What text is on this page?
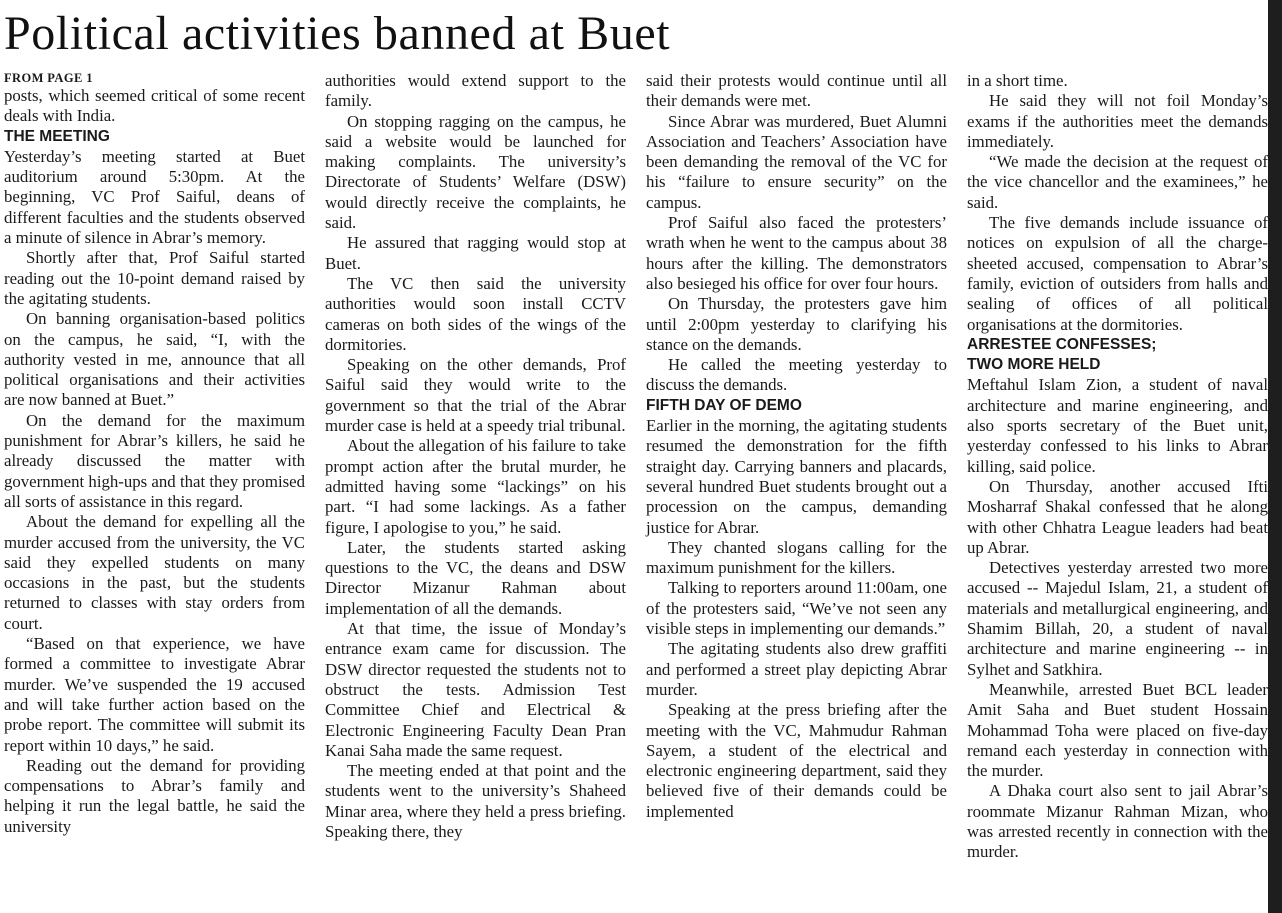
Political activities banned at Buet

FROM PAGE 1

posts, which seemed critical of some recent deals with India.

THE MEETING

Yesterday’s meeting started at Buet auditorium around 5:30pm. At the beginning, VC Prof Saiful, deans of different faculties and the students observed a minute of silence in Abrar’s memory.

Shortly after that, Prof Saiful started reading out the 10-point demand raised by the agitating students.

On banning organisation-based politics on the campus, he said, “I, with the authority vested in me, announce that all political organisations and their activities are now banned at Buet.”

On the demand for the maximum punishment for Abrar’s killers, he said he already discussed the matter with government high-ups and that they promised all sorts of assistance in this regard.

About the demand for expelling all the murder accused from the university, the VC said they expelled students on many occasions in the past, but the students returned to classes with stay orders from court.

“Based on that experience, we have formed a committee to investigate Abrar murder. We’ve suspended the 19 accused and will take further action based on the probe report. The committee will submit its report within 10 days,” he said.

Reading out the demand for providing compensations to Abrar’s family and helping it run the legal battle, he said the university

authorities would extend support to the family.

On stopping ragging on the campus, he said a website would be launched for making complaints. The university’s Directorate of Students’ Welfare (DSW) would directly receive the complaints, he said.

He assured that ragging would stop at Buet.

The VC then said the university authorities would soon install CCTV cameras on both sides of the wings of the dormitories.

Speaking on the other demands, Prof Saiful said they would write to the government so that the trial of the Abrar murder case is held at a speedy trial tribunal.

About the allegation of his failure to take prompt action after the brutal murder, he admitted having some “lackings” on his part. “I had some lackings. As a father figure, I apologise to you,” he said.

Later, the students started asking questions to the VC, the deans and DSW Director Mizanur Rahman about implementation of all the demands.

At that time, the issue of Monday’s entrance exam came for discussion. The DSW director requested the students not to obstruct the tests. Admission Test Committee Chief and Electrical & Electronic Engineering Faculty Dean Pran Kanai Saha made the same request.

The meeting ended at that point and the students went to the university’s Shaheed Minar area, where they held a press briefing. Speaking there, they

said their protests would continue until all their demands were met.

Since Abrar was murdered, Buet Alumni Association and Teachers’ Association have been demanding the removal of the VC for his “failure to ensure security” on the campus.

Prof Saiful also faced the protesters’ wrath when he went to the campus about 38 hours after the killing. The demonstrators also besieged his office for over four hours.

On Thursday, the protesters gave him until 2:00pm yesterday to clarifying his stance on the demands.

He called the meeting yesterday to discuss the demands.

FIFTH DAY OF DEMO

Earlier in the morning, the agitating students resumed the demonstration for the fifth straight day. Carrying banners and placards, several hundred Buet students brought out a procession on the campus, demanding justice for Abrar.

They chanted slogans calling for the maximum punishment for the killers.

Talking to reporters around 11:00am, one of the protesters said, “We’ve not seen any visible steps in implementing our demands.”

The agitating students also drew graffiti and performed a street play depicting Abrar murder.

Speaking at the press briefing after the meeting with the VC, Mahmudur Rahman Sayem, a student of the electrical and electronic engineering department, said they believed five of their demands could be implemented

in a short time.

He said they will not foil Monday’s exams if the authorities meet the demands immediately.

“We made the decision at the request of the vice chancellor and the examinees,” he said.

The five demands include issuance of notices on expulsion of all the charge-sheeted accused, compensation to Abrar’s family, eviction of outsiders from halls and sealing of offices of all political organisations at the dormitories.

ARRESTEE CONFESSES;

TWO MORE HELD

Meftahul Islam Zion, a student of naval architecture and marine engineering, and also sports secretary of the Buet unit, yesterday confessed to his links to Abrar killing, said police.

On Thursday, another accused Ifti Mosharraf Shakal confessed that he along with other Chhatra League leaders had beat up Abrar.

Detectives yesterday arrested two more accused -- Majedul Islam, 21, a student of materials and metallurgical engineering, and Shamim Billah, 20, a student of naval architecture and marine engineering -- in Sylhet and Satkhira.

Meanwhile, arrested Buet BCL leader Amit Saha and Buet student Hossain Mohammad Toha were placed on five-day remand each yesterday in connection with the murder.

A Dhaka court also sent to jail Abrar’s roommate Mizanur Rahman Mizan, who was arrested recently in connection with the murder.
